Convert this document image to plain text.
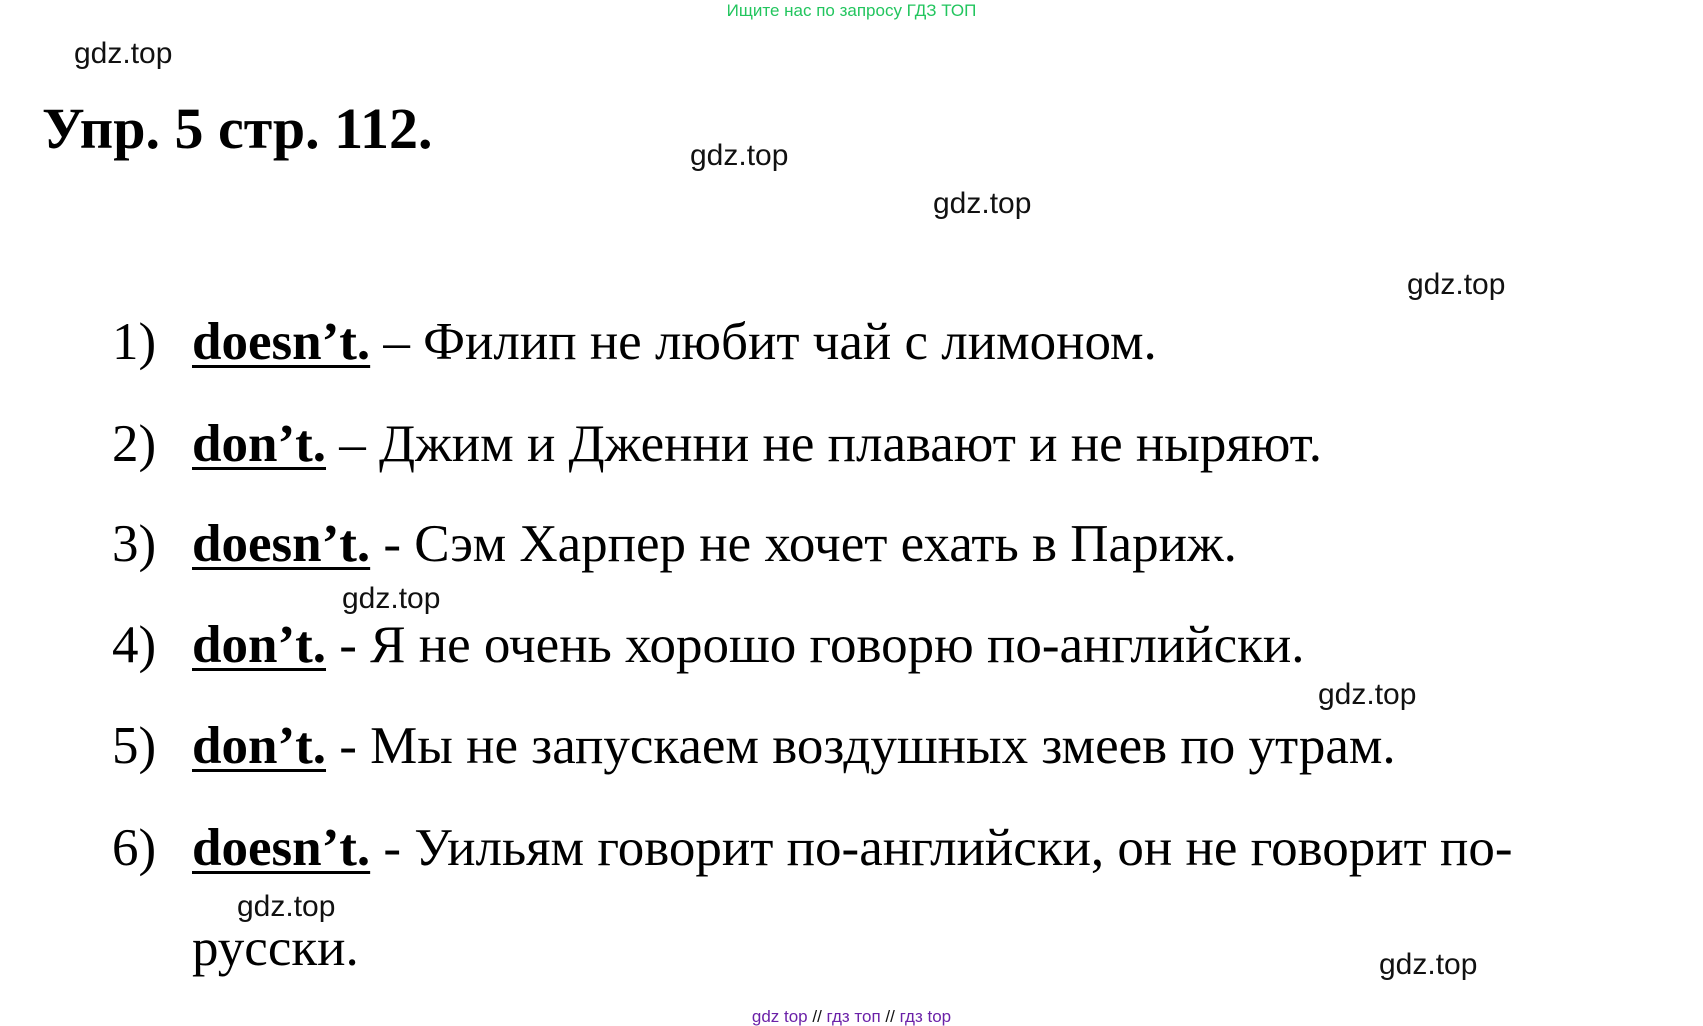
Ищите нас по запросу ГДЗ ТОП
gdz.top
gdz.top
gdz.top
gdz.top
gdz.top
gdz.top
gdz.top
gdz.top
Упр. 5 стр. 112.
1) doesn’t. – Филип не любит чай с лимоном.
2) don’t. – Джим и Дженни не плавают и не ныряют.
3) doesn’t. - Сэм Харпер не хочет ехать в Париж.
4) don’t. - Я не очень хорошо говорю по-английски.
5) don’t. - Мы не запускаем воздушных змеев по утрам.
6) doesn’t. - Уильям говорит по-английски, он не говорит по-
русски.
gdz top // гдз топ // гдз top
